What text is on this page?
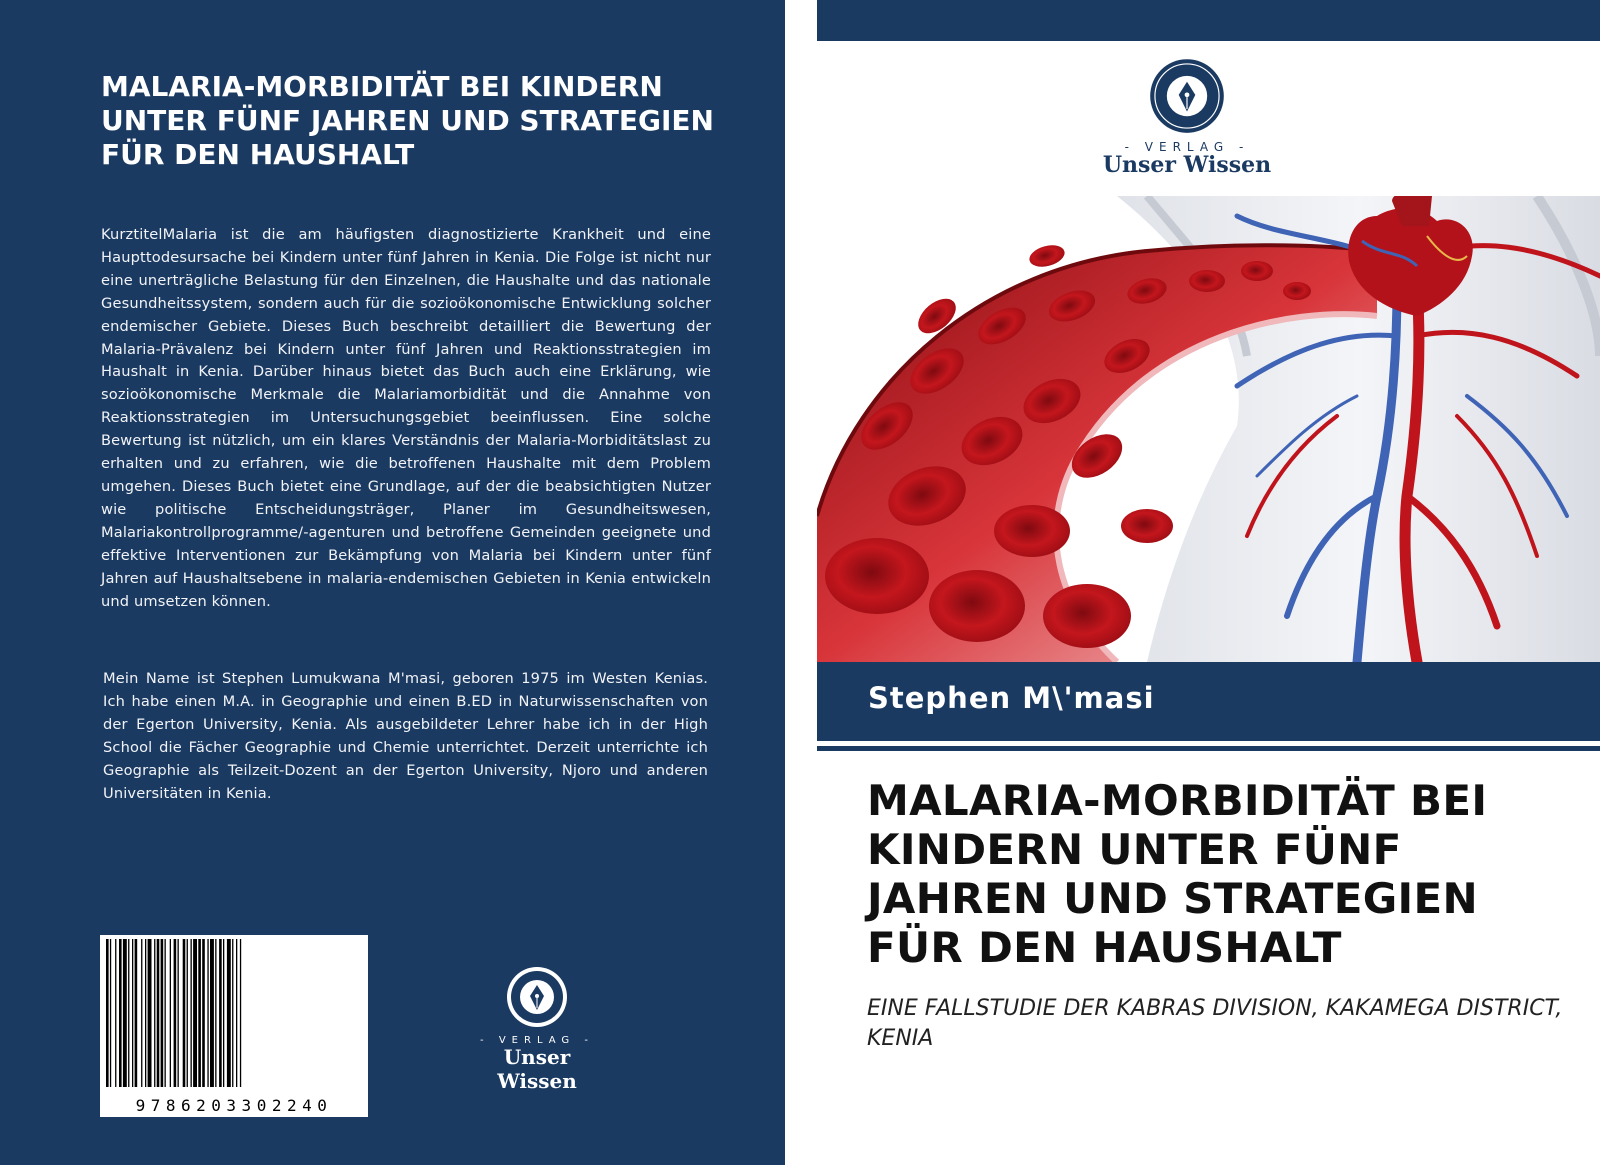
MALARIA-MORBIDITÄT BEI KINDERN UNTER FÜNF JAHREN UND STRATEGIEN FÜR DEN HAUSHALT

KurztitelMalaria ist die am häufigsten diagnostizierte Krankheit und eine Haupttodesursache bei Kindern unter fünf Jahren in Kenia. Die Folge ist nicht nur eine unerträgliche Belastung für den Einzelnen, die Haushalte und das nationale Gesundheitssystem, sondern auch für die sozioökonomische Entwicklung solcher endemischer Gebiete. Dieses Buch beschreibt detailliert die Bewertung der Malaria-Prävalenz bei Kindern unter fünf Jahren und Reaktionsstrategien im Haushalt in Kenia. Darüber hinaus bietet das Buch auch eine Erklärung, wie sozioökonomische Merkmale die Malariamorbidität und die Annahme von Reaktionsstrategien im Untersuchungsgebiet beeinflussen. Eine solche Bewertung ist nützlich, um ein klares Verständnis der Malaria-Morbiditätslast zu erhalten und zu erfahren, wie die betroffenen Haushalte mit dem Problem umgehen. Dieses Buch bietet eine Grundlage, auf der die beabsichtigten Nutzer wie politische Entscheidungsträger, Planer im Gesundheitswesen, Malariakontrollprogramme/-agenturen und betroffene Gemeinden geeignete und effektive Interventionen zur Bekämpfung von Malaria bei Kindern unter fünf Jahren auf Haushaltsebene in malaria-endemischen Gebieten in Kenia entwickeln und umsetzen können.

Mein Name ist Stephen Lumukwana M'masi, geboren 1975 im Westen Kenias. Ich habe einen M.A. in Geographie und einen B.ED in Naturwissenschaften von der Egerton University, Kenia. Als ausgebildeter Lehrer habe ich in der High School die Fächer Geographie und Chemie unterrichtet. Derzeit unterrichte ich Geographie als Teilzeit-Dozent an der Egerton University, Njoro und anderen Universitäten in Kenia.

9786203302240
- VERLAG -
Unser Wissen
- VERLAG -
Unser Wissen
Stephen M\'masi
MALARIA-MORBIDITÄT BEI KINDERN UNTER FÜNF JAHREN UND STRATEGIEN FÜR DEN HAUSHALT

EINE FALLSTUDIE DER KABRAS DIVISION, KAKAMEGA DISTRICT, KENIA
